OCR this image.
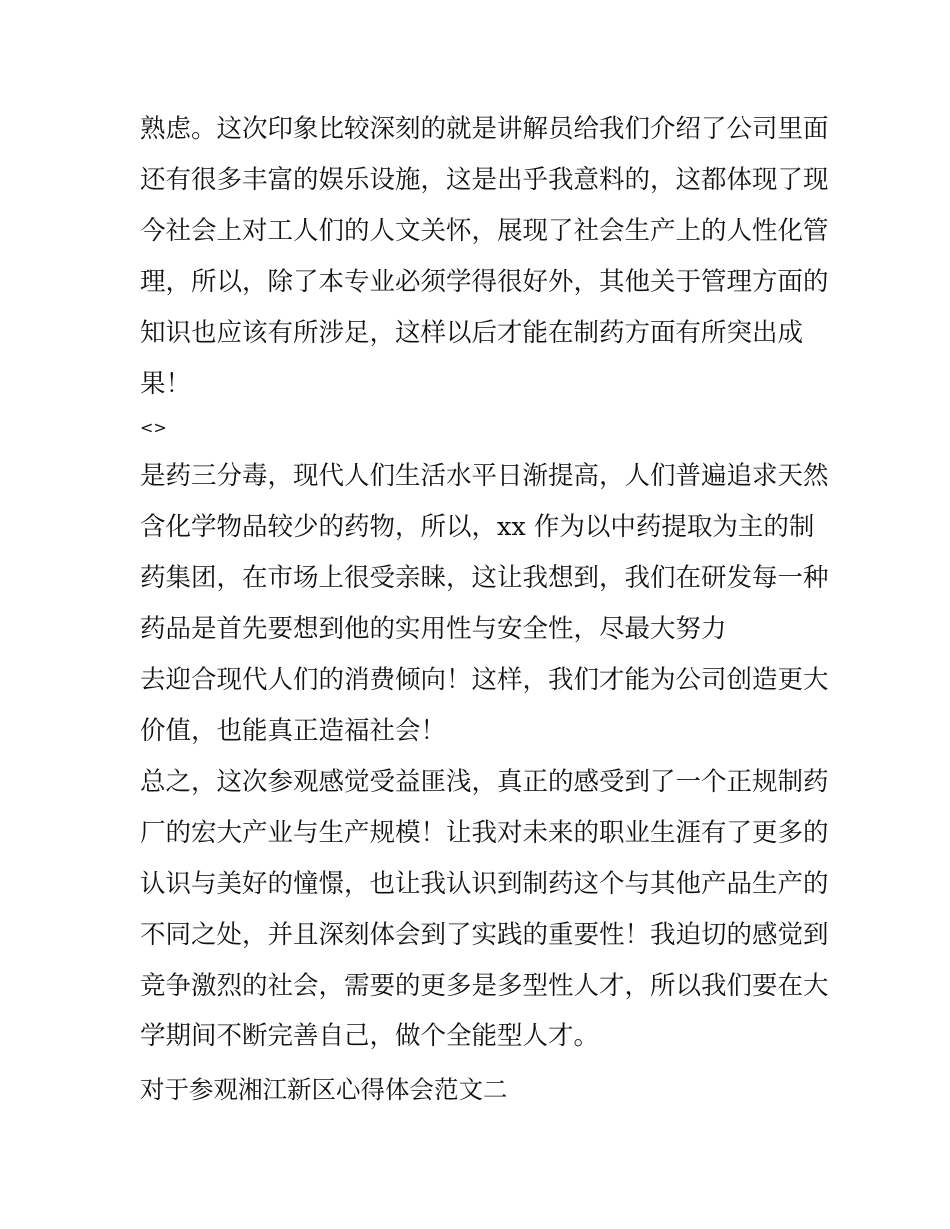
熟虑。这次印象比较深刻的就是讲解员给我们介绍了公司里面
还有很多丰富的娱乐设施，这是出乎我意料的，这都体现了现
今社会上对工人们的人文关怀，展现了社会生产上的人性化管
理，所以，除了本专业必须学得很好外，其他关于管理方面的
知识也应该有所涉足，这样以后才能在制药方面有所突出成
果！
<>
是药三分毒，现代人们生活水平日渐提高，人们普遍追求天然
含化学物品较少的药物，所以，xx 作为以中药提取为主的制
药集团，在市场上很受亲睐，这让我想到，我们在研发每一种
药品是首先要想到他的实用性与安全性，尽最大努力
去迎合现代人们的消费倾向！这样，我们才能为公司创造更大
价值，也能真正造福社会！
总之，这次参观感觉受益匪浅，真正的感受到了一个正规制药
厂的宏大产业与生产规模！让我对未来的职业生涯有了更多的
认识与美好的憧憬，也让我认识到制药这个与其他产品生产的
不同之处，并且深刻体会到了实践的重要性！我迫切的感觉到
竞争激烈的社会，需要的更多是多型性人才，所以我们要在大
学期间不断完善自己，做个全能型人才。
对于参观湘江新区心得体会范文二
